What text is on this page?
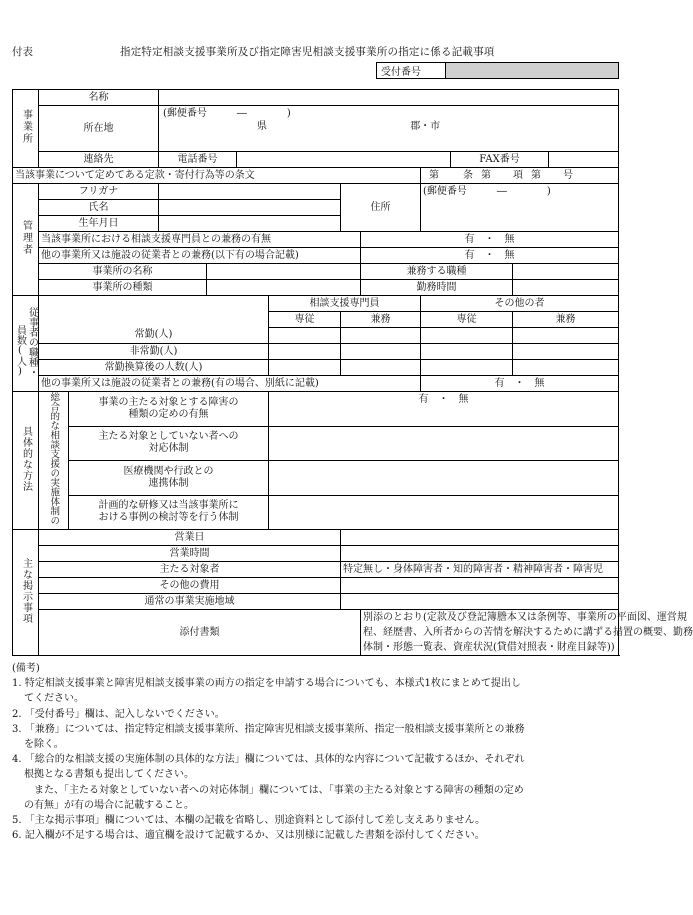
付表	指定特定相談支援事業所及び指定障害児相談支援事業所の指定に係る記載事項
受付番号	
事業所	名称											
	所在地		(郵便番号　　　―　　　　)									
			県 郡・市									
	連絡先		電話番号							FAX番号		
当該事業について定めてある定款・寄付行為等の条文									第 条 第 項 第 号			
管理者	フリガナ						住所		(郵便番号　　　―　　　　)			
	氏名											
	生年月日											
	当該事業所における相談支援専門員との兼務の有無							有　・　無				
	他の事業所又は施設の従業者との兼務(以下有の場合記載)							有　・　無				
	事業所の名称							兼務する職種				
	事業所の種類							勤務時間				
員数(人)従事者の職種・						相談支援専門員			その他の者			
						専従	兼務		専従		兼務	
	常勤(人)											
	非常勤(人)											
	常勤換算後の人数(人)											
	他の事業所又は施設の従業者との兼務(有の場合、別紙に記載)								有　・　無			
具体的な方法	総合的な相談支援の実施体制の	事業の主たる対象とする障害の
種類の定めの有無				有　・　無						
		主たる対象としていない者への
対応体制										
		医療機関や行政との
連携体制										
		計画的な研修又は当該事業所に
おける事例の検討等を行う体制										
主な掲示事項	営業日											
	営業時間											
	主たる対象者						特定無し・身体障害者・知的障害者・精神障害者・障害児					
	その他の費用											
	通常の事業実施地域											
	添付書類							別添のとおり(定款及び登記簿謄本又は条例等、事業所の平面図、運営規
程、経歴書、入所者からの苦情を解決するために講ずる措置の概要、勤務
体制・形態一覧表、資産状況(貸借対照表・財産目録等))				
(備考)
1. 特定相談支援事業と障害児相談支援事業の両方の指定を申請する場合についても、本様式1枚にまとめて提出し
てください。
2. 「受付番号」欄は、記入しないでください。
3. 「兼務」については、指定特定相談支援事業所、指定障害児相談支援事業所、指定一般相談支援事業所との兼務
を除く。
4. 「総合的な相談支援の実施体制の具体的な方法」欄については、具体的な内容について記載するほか、それぞれ
根拠となる書類も提出してください。
　また、「主たる対象としていない者への対応体制」欄については、「事業の主たる対象とする障害の種類の定め
の有無」が有の場合に記載すること。
5. 「主な掲示事項」欄については、本欄の記載を省略し、別途資料として添付して差し支えありません。
6. 記入欄が不足する場合は、適宜欄を設けて記載するか、又は別様に記載した書類を添付してください。
